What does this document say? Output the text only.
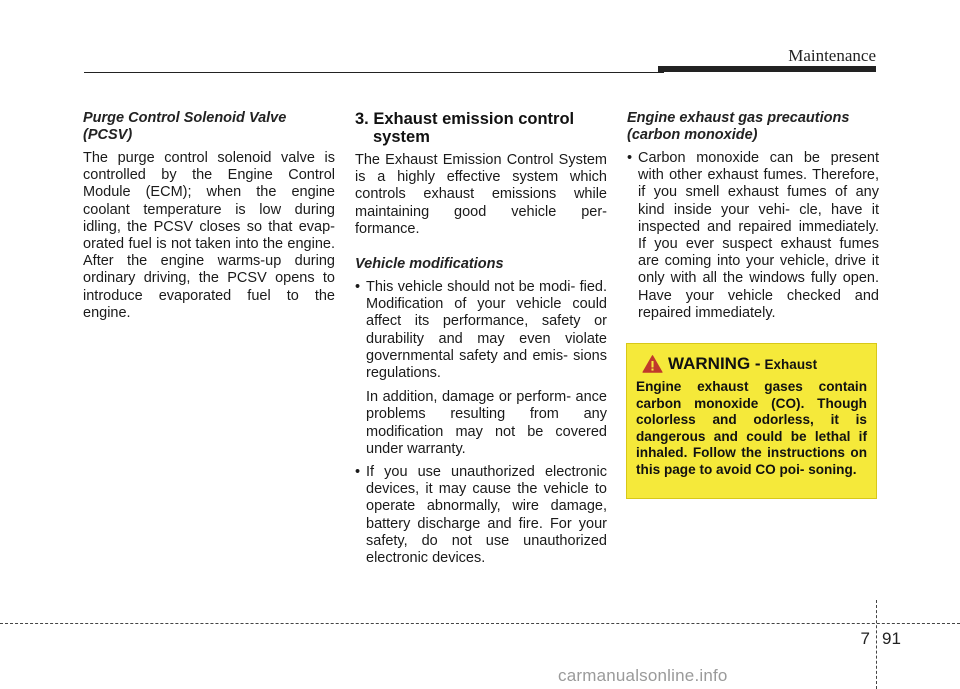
Maintenance
Purge Control Solenoid Valve (PCSV)

The purge control solenoid valve is controlled by the Engine Control Module (ECM); when the engine coolant temperature is low during idling, the PCSV closes so that evap- orated fuel is not taken into the engine. After the engine warms-up during ordinary driving, the PCSV opens to introduce evaporated fuel to the engine.

3. Exhaust emission control system

The Exhaust Emission Control System is a highly effective system which controls exhaust emissions while maintaining good vehicle per- formance.

Vehicle modifications

• This vehicle should not be modi- fied. Modification of your vehicle could affect its performance, safety or durability and may even violate governmental safety and emis- sions regulations.

In addition, damage or perform- ance problems resulting from any modification may not be covered under warranty.

• If you use unauthorized electronic devices, it may cause the vehicle to operate abnormally, wire damage, battery discharge and fire. For your safety, do not use unauthorized electronic devices.

Engine exhaust gas precautions (carbon monoxide)

• Carbon monoxide can be present with other exhaust fumes. Therefore, if you smell exhaust fumes of any kind inside your vehi- cle, have it inspected and repaired immediately. If you ever suspect exhaust fumes are coming into your vehicle, drive it only with all the windows fully open. Have your vehicle checked and repaired immediately.

WARNING - Exhaust

Engine exhaust gases contain carbon monoxide (CO). Though colorless and odorless, it is dangerous and could be lethal if inhaled. Follow the instructions on this page to avoid CO poi- soning.

7 91
carmanualsonline.info
